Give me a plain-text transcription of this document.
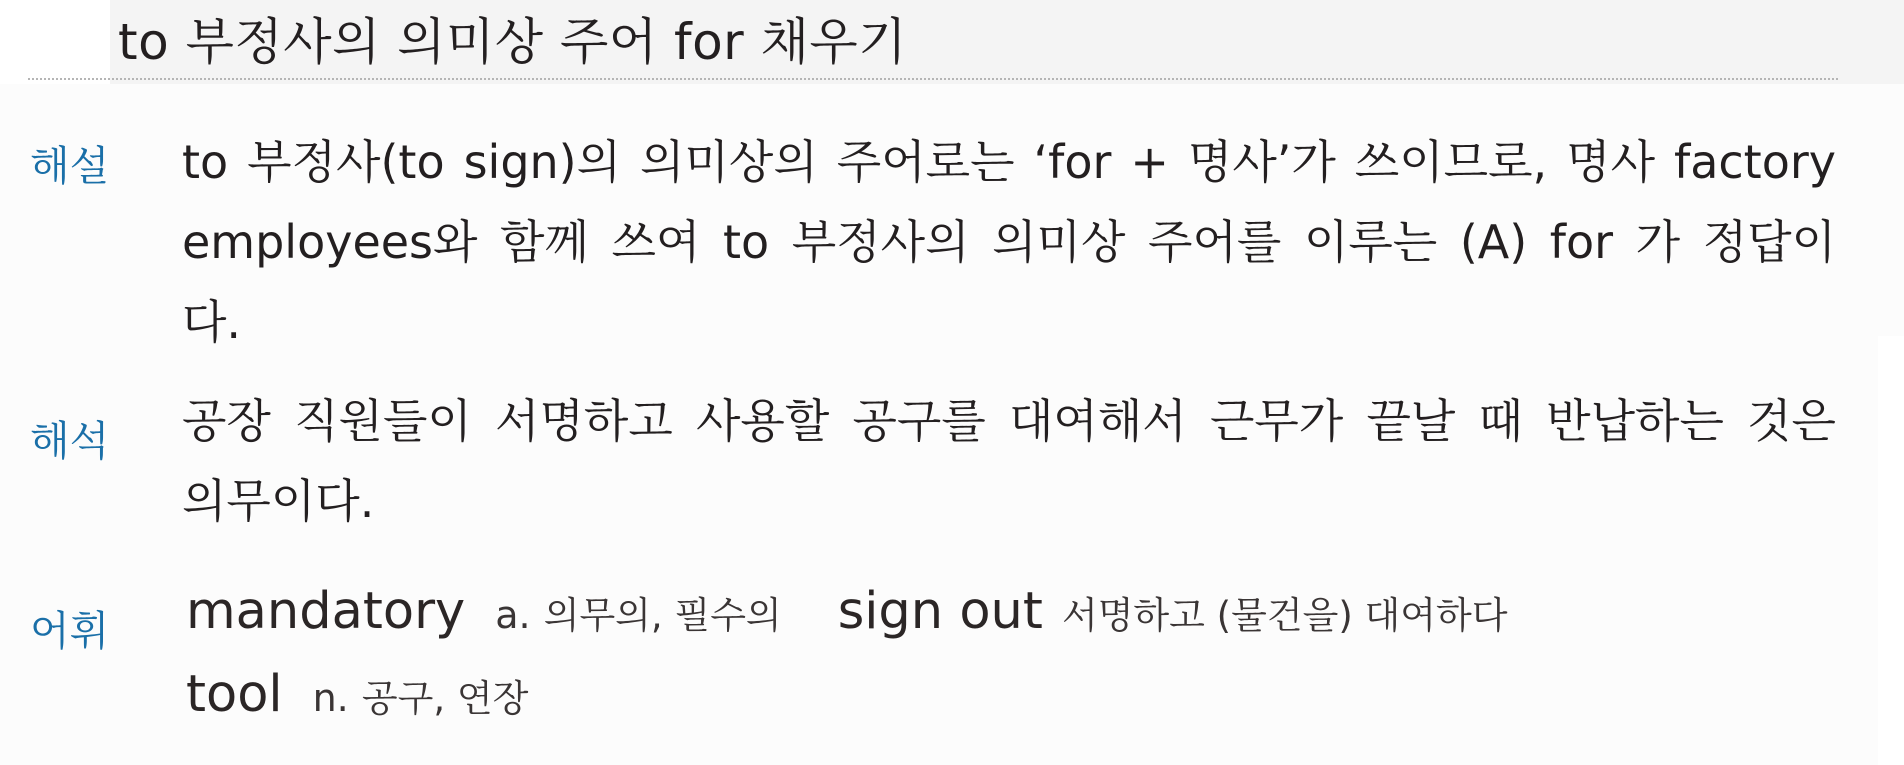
to 부정사의 의미상 주어 for 채우기
해설 to 부정사(to sign)의 의미상의 주어로는 ‘for + 명사’가 쓰이므로, 명사 factory employees와 함께 쓰여 to 부정사의 의미상 주어를 이루는 (A) for 가 정답이다.
해석 공장 직원들이 서명하고 사용할 공구를 대여해서 근무가 끝날 때 반납하는 것은 의무이다.
어휘 mandatory a. 의무의, 필수의 sign out 서명하고 (물건을) 대여하다
tool n. 공구, 연장
